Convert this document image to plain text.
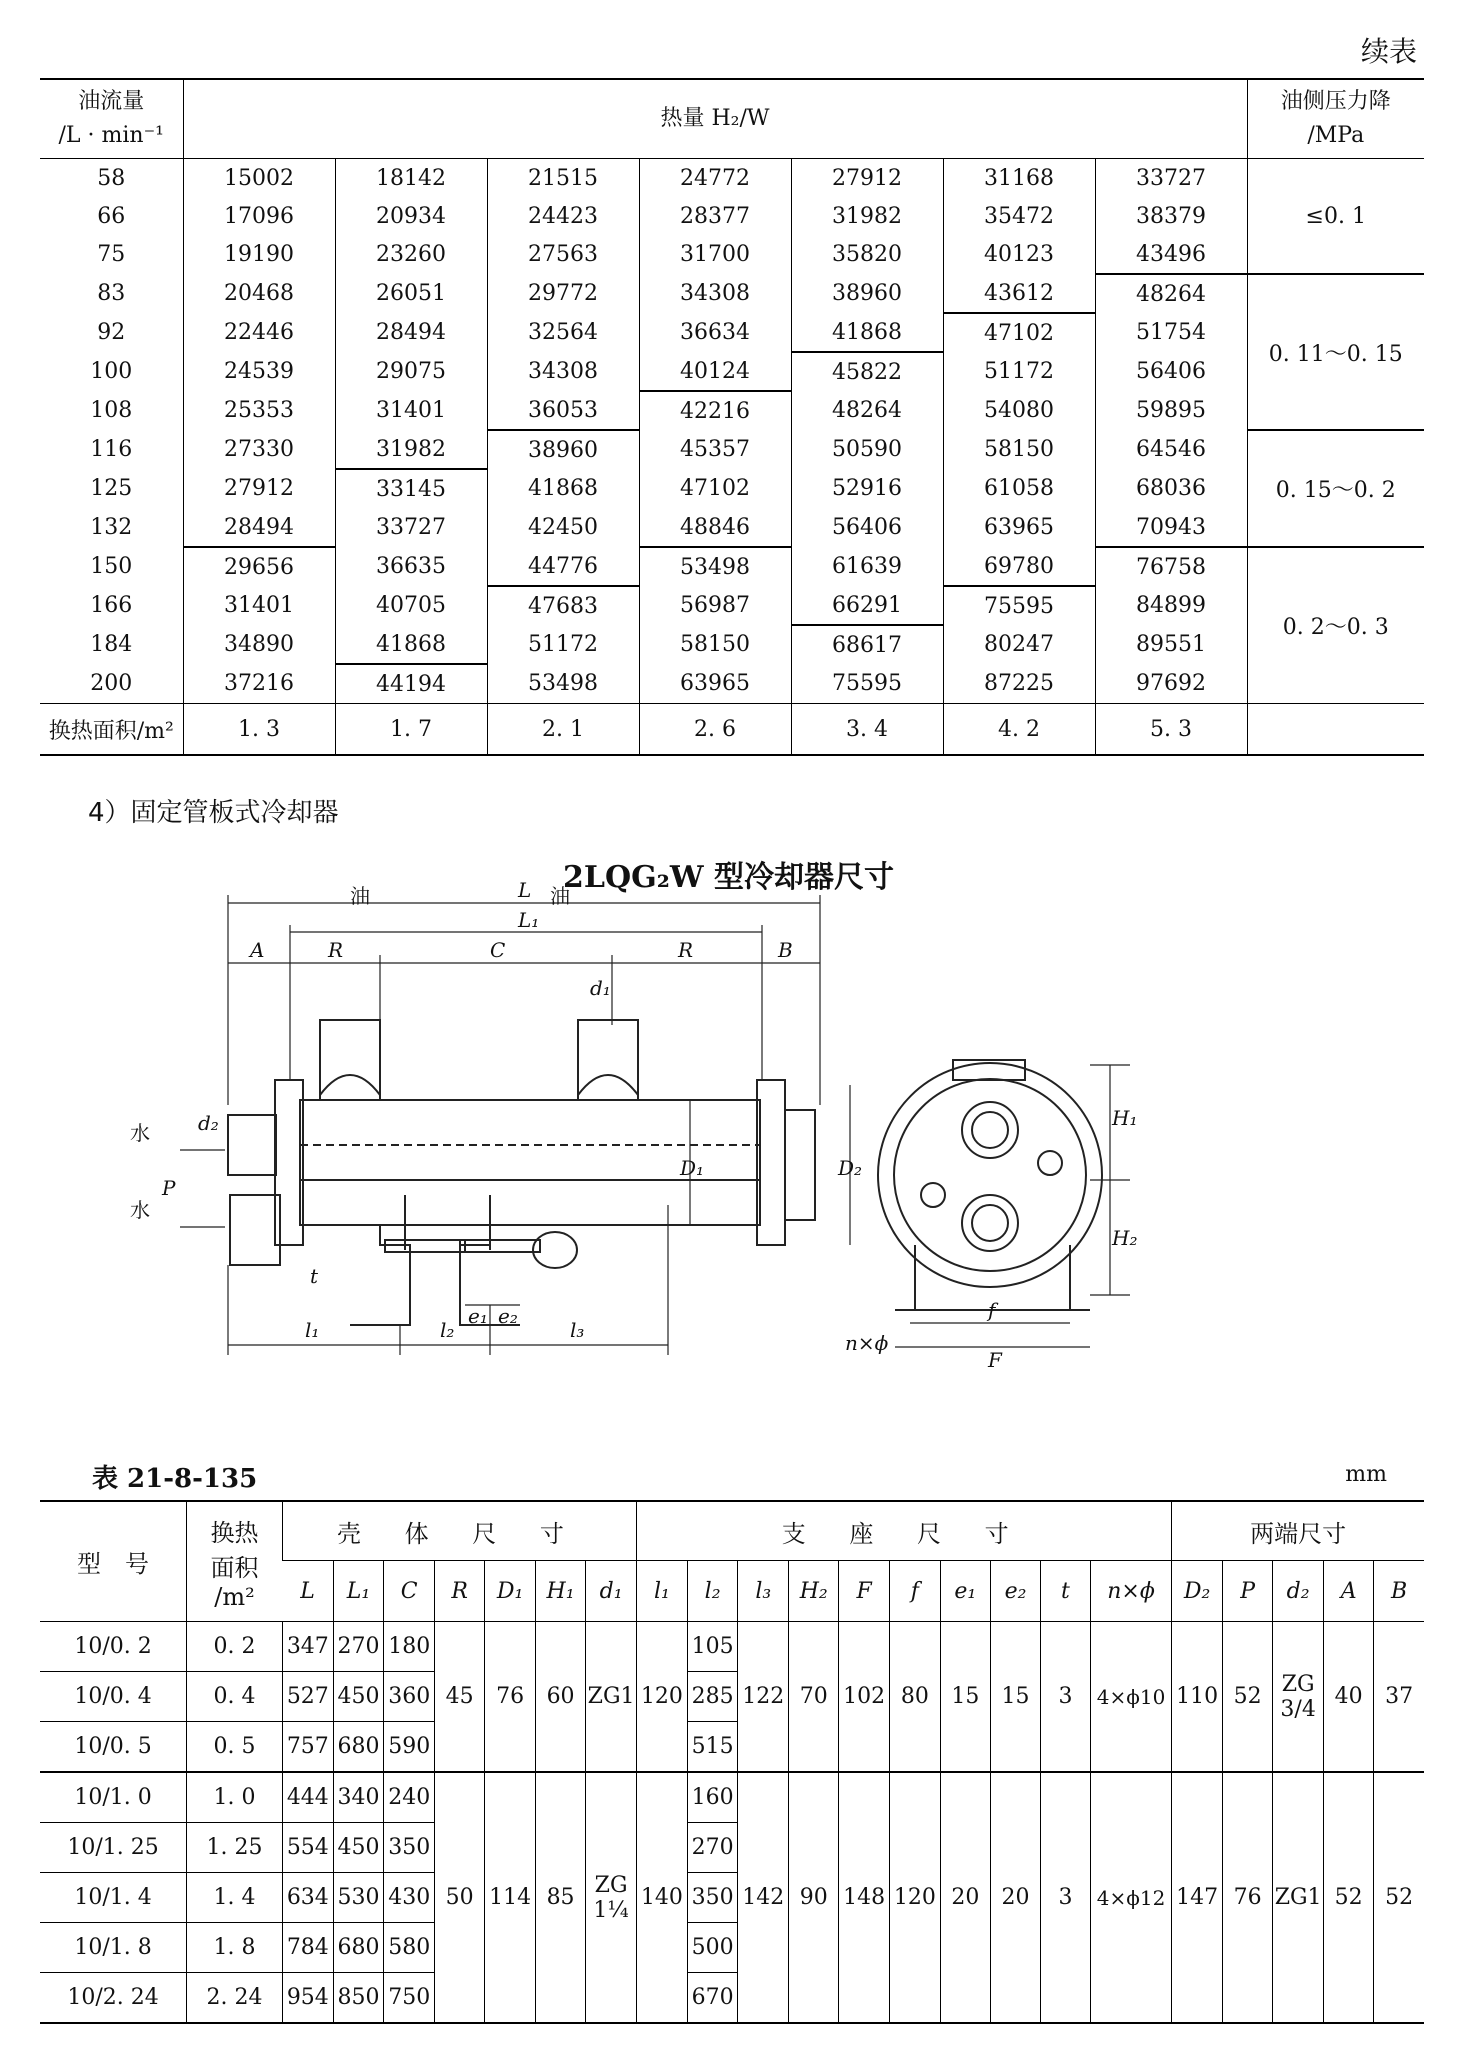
续表
油流量
/L · min⁻¹	热量 H₂/W							油侧压力降
/MPa
58	15002	18142	21515	24772	27912	31168	33727	≤0. 1
66	17096	20934	24423	28377	31982	35472	38379	
75	19190	23260	27563	31700	35820	40123	43496	
83	20468	26051	29772	34308	38960	43612	48264	0. 11～0. 15
92	22446	28494	32564	36634	41868	47102	51754	
100	24539	29075	34308	40124	45822	51172	56406	
108	25353	31401	36053	42216	48264	54080	59895	
116	27330	31982	38960	45357	50590	58150	64546	0. 15～0. 2
125	27912	33145	41868	47102	52916	61058	68036	
132	28494	33727	42450	48846	56406	63965	70943	
150	29656	36635	44776	53498	61639	69780	76758	0. 2～0. 3
166	31401	40705	47683	56987	66291	75595	84899	
184	34890	41868	51172	58150	68617	80247	89551	
200	37216	44194	53498	63965	75595	87225	97692	
换热面积/m²	1. 3	1. 7	2. 1	2. 6	3. 4	4. 2	5. 3	
4）固定管板式冷却器
2LQG₂W 型冷却器尺寸
油	油
水
水
L
L₁
A	R	C	R	B
d₁
d₂
P
D₁	D₂
t
e₁ e₂
l₁	l₂	l₃
H₁
H₂
f
F
n×ϕ
表 21-8-135	mm
型　号	换热
面积
/m²	壳 体 尺 寸							支 座 尺 寸										两端尺寸				
		L	L₁	C	R	D₁	H₁	d₁	l₁	l₂	l₃	H₂	F	f	e₁	e₂	t	n×ϕ	D₂	P	d₂	A	B
10/0. 2	0. 2	347	270	180	45	76	60	ZG1	120	105	122	70	102	80	15	15	3	4×ϕ10	110	52	ZG 3/4	40	37
10/0. 4	0. 4	527	450	360						285													
10/0. 5	0. 5	757	680	590						515													
10/1. 0	1. 0	444	340	240	50	114	85	ZG 1¼	140	160	142	90	148	120	20	20	3	4×ϕ12	147	76	ZG1	52	52
10/1. 25	1. 25	554	450	350						270													
10/1. 4	1. 4	634	530	430						350													
10/1. 8	1. 8	784	680	580						500													
10/2. 24	2. 24	954	850	750						670													
